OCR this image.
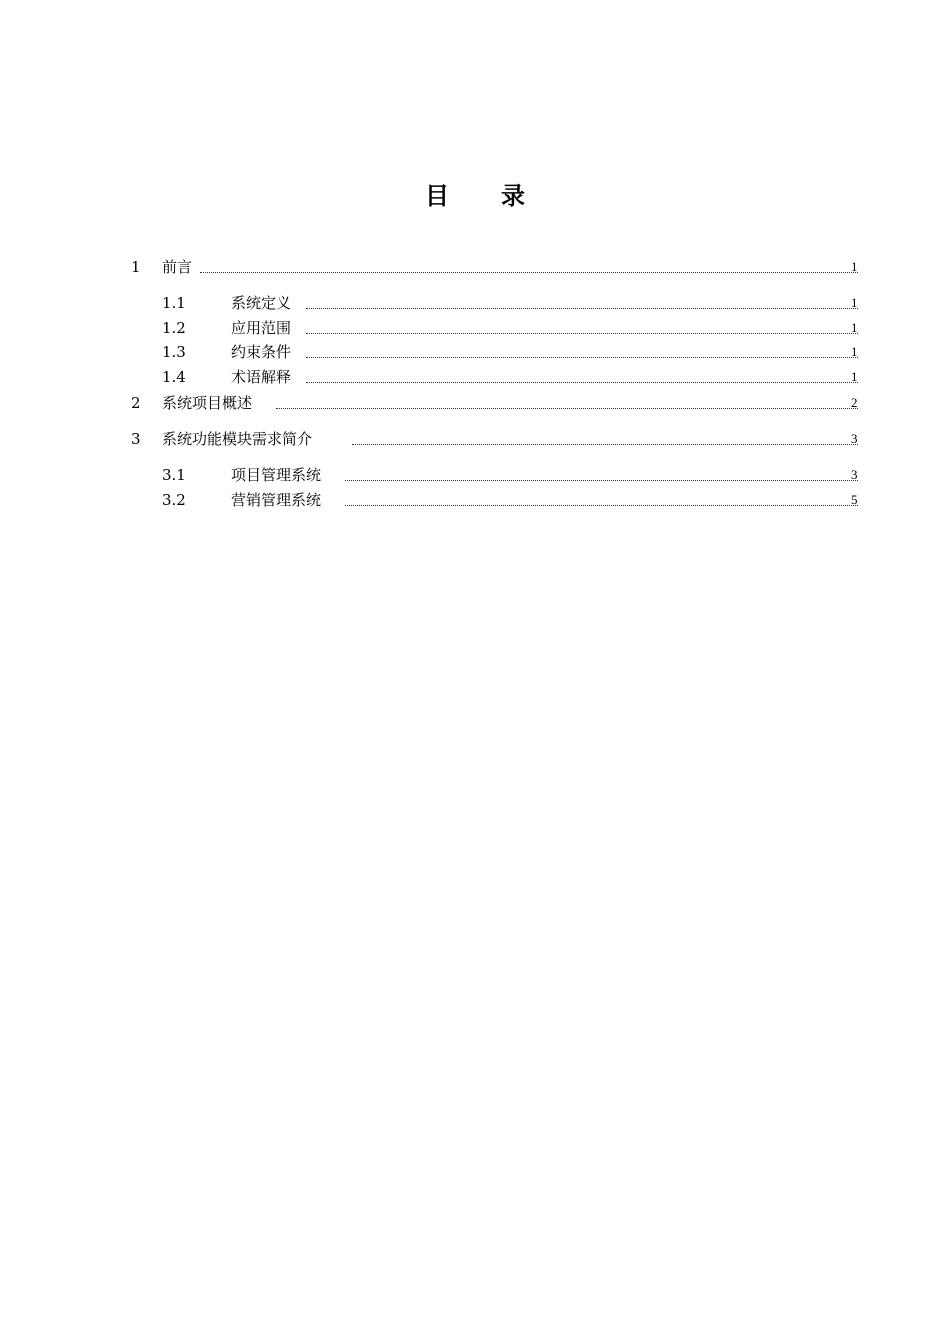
目 录
1 前言	1
1.1	系统定义	1
1.2	应用范围	1
1.3	约束条件	1
1.4	术语解释	1
2 系统项目概述	2
3 系统功能模块需求简介	3
3.1	项目管理系统	3
3.2	营销管理系统	5
